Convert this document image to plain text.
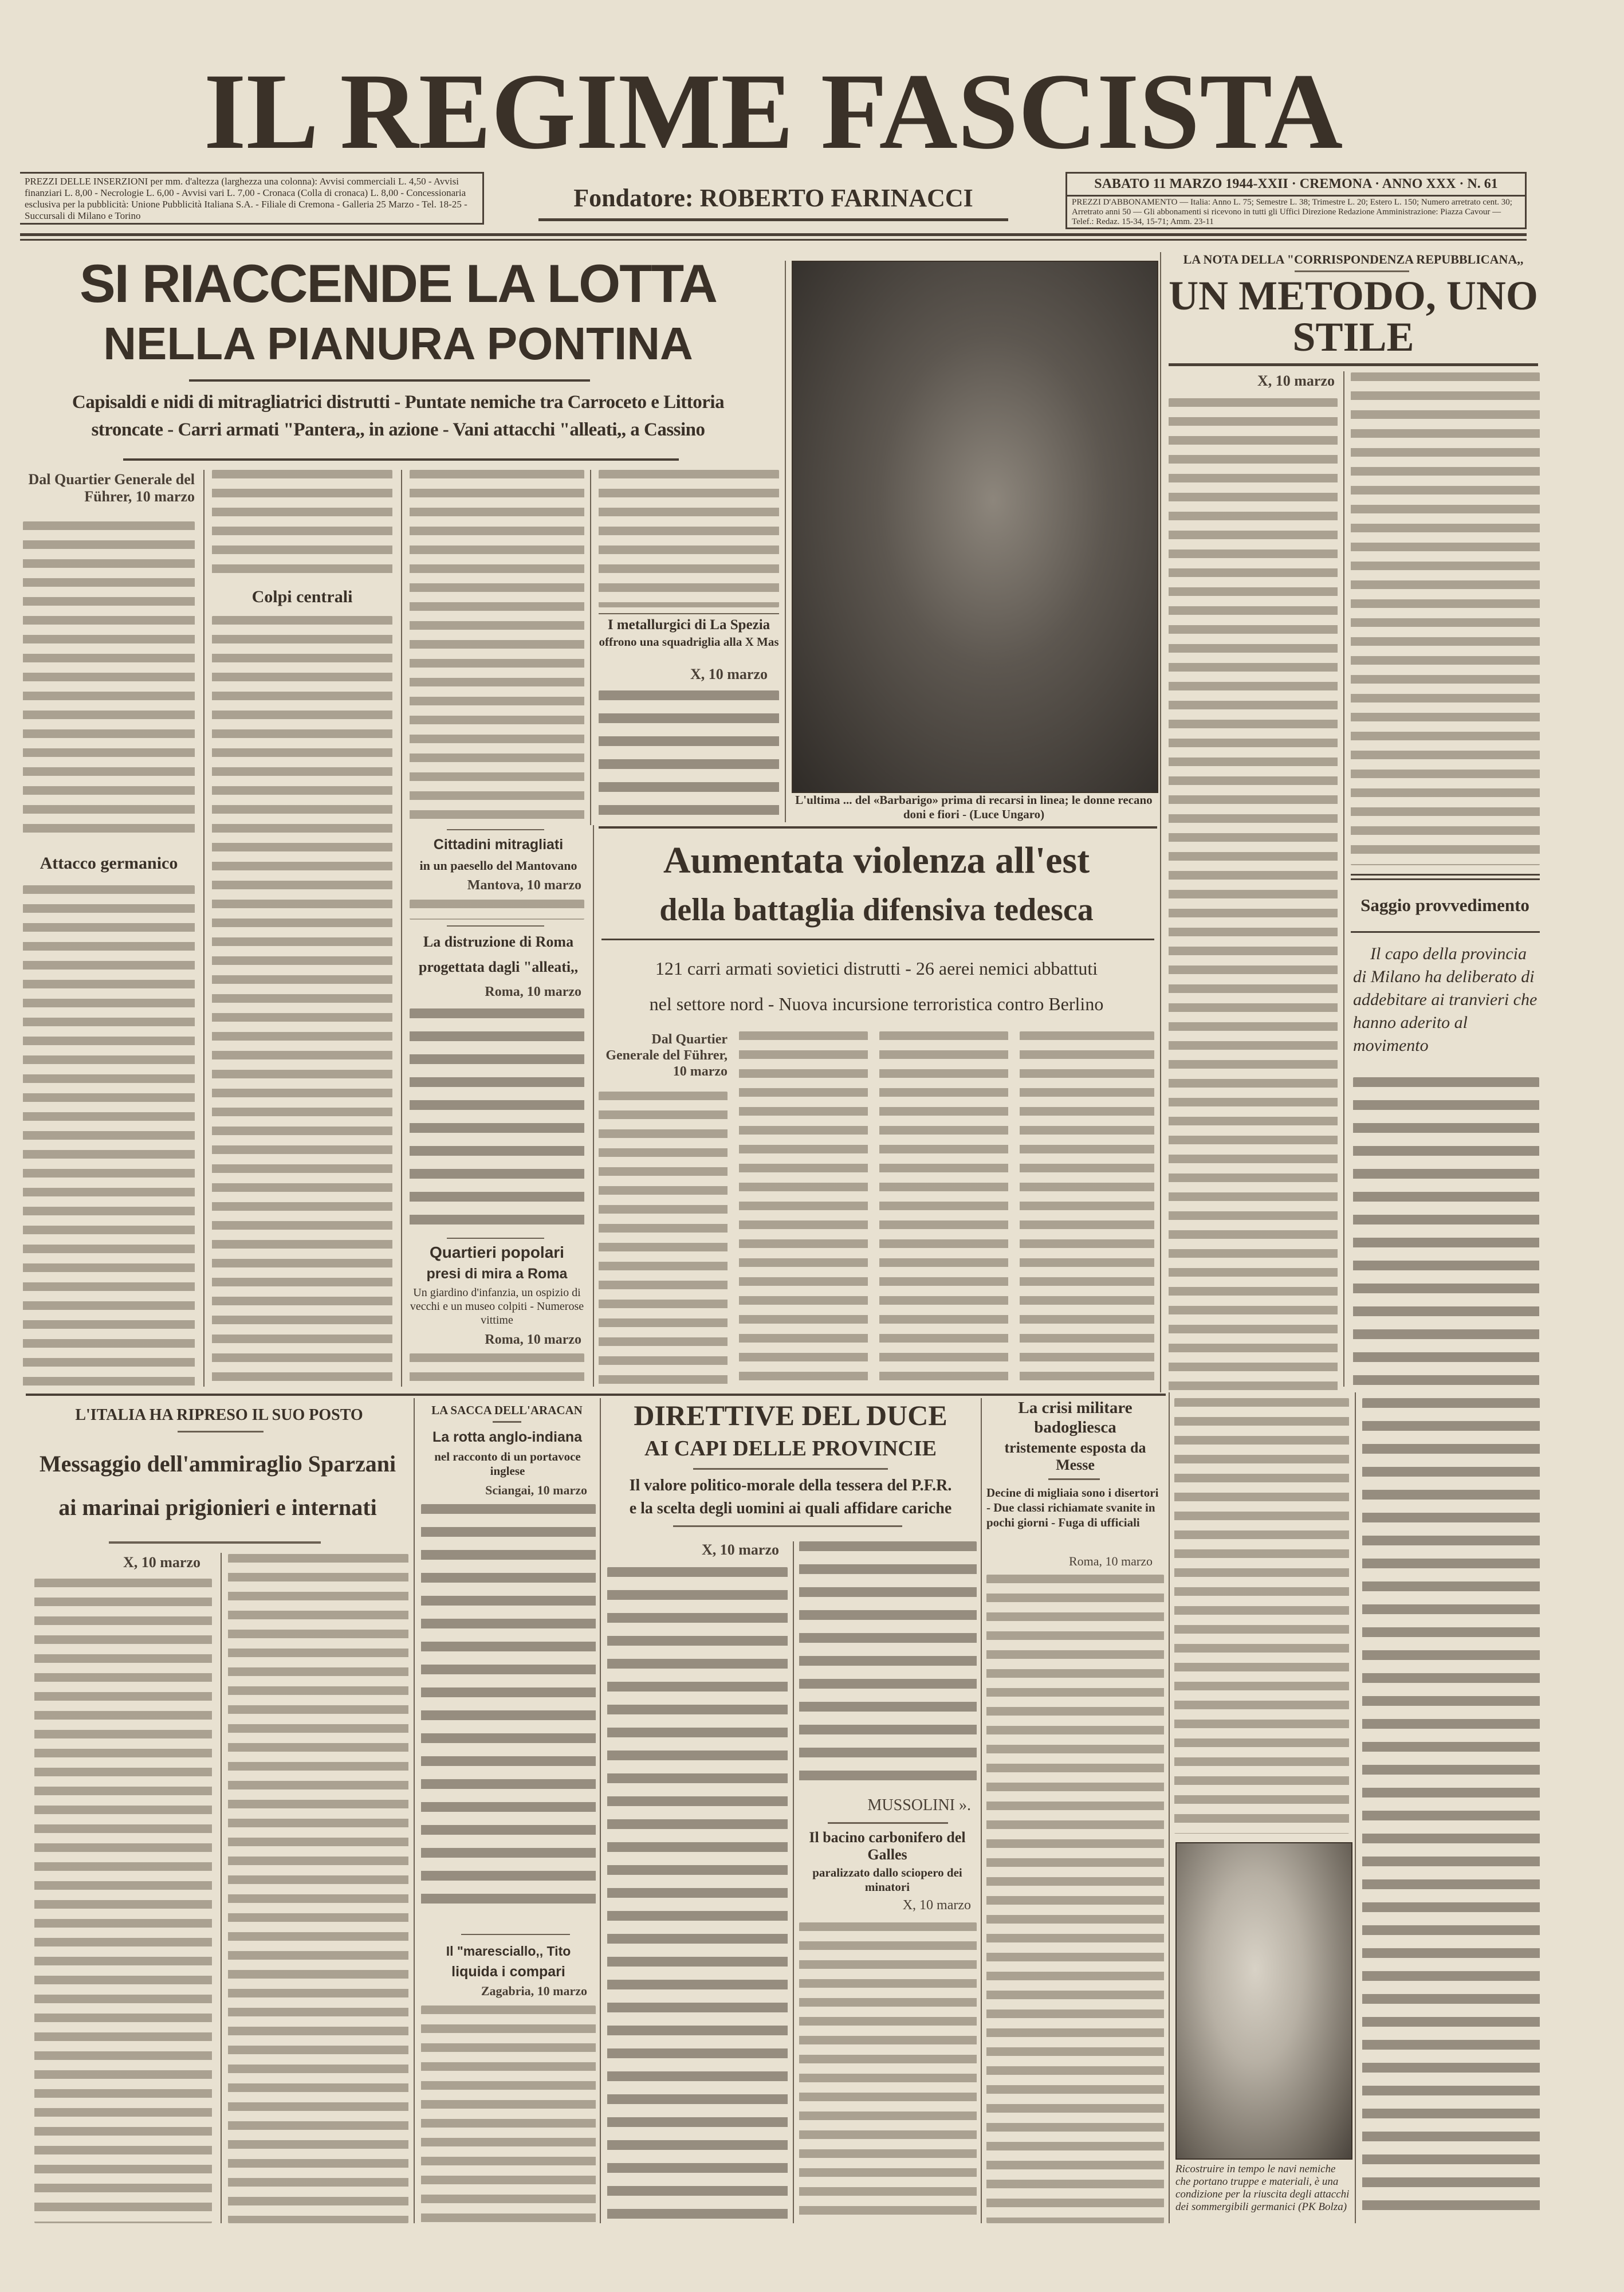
IL REGIME FASCISTA
PREZZI DELLE INSERZIONI per mm. d'altezza (larghezza una colonna): Avvisi commerciali L. 4,50 - Avvisi finanziari L. 8,00 - Necrologie L. 6,00 - Avvisi vari L. 7,00 - Cronaca (Colla di cronaca) L. 8,00 - Concessionaria esclusiva per la pubblicità: Unione Pubblicità Italiana S.A. - Filiale di Cremona - Galleria 25 Marzo - Tel. 18-25 - Succursali di Milano e Torino
Fondatore: ROBERTO FARINACCI	SABATO 11 MARZO 1944-XXII · CREMONA · ANNO XXX · N. 61
PREZZI D'ABBONAMENTO — Italia: Anno L. 75; Semestre L. 38; Trimestre L. 20; Estero L. 150; Numero arretrato cent. 30; Arretrato anni 50 — Gli abbonamenti si ricevono in tutti gli Uffici Direzione Redazione Amministrazione: Piazza Cavour — Telef.: Redaz. 15-34, 15-71; Amm. 23-11
SI RIACCENDE LA LOTTA
NELLA PIANURA PONTINA
Capisaldi e nidi di mitragliatrici distrutti - Puntate nemiche tra Carroceto e Littoria
stroncate - Carri armati "Pantera,, in azione - Vani attacchi "alleati,, a Cassino
Dal Quartier Generale del Führer, 10 marzo
Attacco germanico
Colpi centrali
I metallurgici di La Spezia
offrono una squadriglia alla X Mas
X, 10 marzo
L'ultima ... del «Barbarigo» prima di recarsi in linea; le donne recano doni e fiori - (Luce Ungaro)
LA NOTA DELLA "CORRISPONDENZA REPUBBLICANA,,
UN METODO, UNO STILE
X, 10 marzo
Saggio provvedimento
Il capo della provincia di Milano ha deliberato di addebitare ai tranvieri che hanno aderito al movimento
Aumentata violenza all'est
della battaglia difensiva tedesca
121 carri armati sovietici distrutti - 26 aerei nemici abbattuti
nel settore nord - Nuova incursione terroristica contro Berlino
Dal Quartier Generale del Führer, 10 marzo
Cittadini mitragliati
in un paesello del Mantovano
Mantova, 10 marzo
La distruzione di Roma
progettata dagli "alleati,,
Roma, 10 marzo
Quartieri popolari
presi di mira a Roma
Un giardino d'infanzia, un ospizio di vecchi e un museo colpiti - Numerose vittime
Roma, 10 marzo
L'ITALIA HA RIPRESO IL SUO POSTO
Messaggio dell'ammiraglio Sparzani
ai marinai prigionieri e internati
X, 10 marzo
LA SACCA DELL'ARACAN
La rotta anglo-indiana
nel racconto di un portavoce inglese
Sciangai, 10 marzo
Il "maresciallo,, Tito
liquida i compari
Zagabria, 10 marzo
DIRETTIVE DEL DUCE
AI CAPI DELLE PROVINCIE
Il valore politico-morale della tessera del P.F.R.
e la scelta degli uomini ai quali affidare cariche
X, 10 marzo
MUSSOLINI ».
Il bacino carbonifero del Galles
paralizzato dallo sciopero dei minatori
X, 10 marzo
La crisi militare badogliesca
tristemente esposta da Messe
Decine di migliaia sono i disertori - Due classi richiamate svanite in pochi giorni - Fuga di ufficiali
Roma, 10 marzo
Ricostruire in tempo le navi nemiche che portano truppe e materiali, è una condizione per la riuscita degli attacchi dei sommergibili germanici (PK Bolza)
